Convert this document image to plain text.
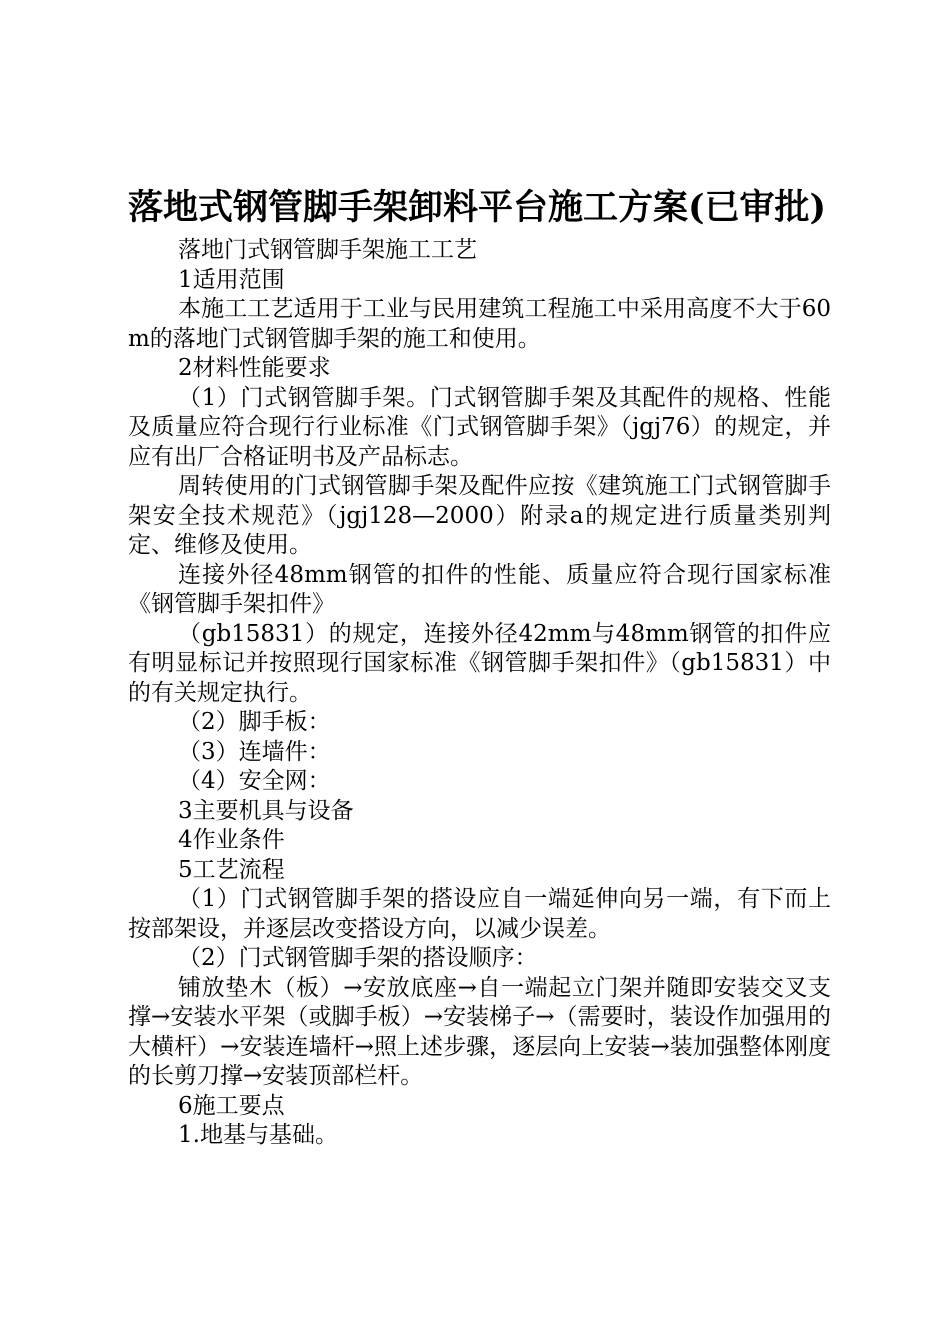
落地式钢管脚手架卸料平台施工方案(已审批)

落地门式钢管脚手架施工工艺

1适用范围

本施工工艺适用于工业与民用建筑工程施工中采用高度不大于60m的落地门式钢管脚手架的施工和使用。

2材料性能要求

（1）门式钢管脚手架。门式钢管脚手架及其配件的规格、性能及质量应符合现行行业标准《门式钢管脚手架》（jgj76）的规定，并应有出厂合格证明书及产品标志。

周转使用的门式钢管脚手架及配件应按《建筑施工门式钢管脚手架安全技术规范》（jgj128—2000）附录a的规定进行质量类别判定、维修及使用。

连接外径48mm钢管的扣件的性能、质量应符合现行国家标准《钢管脚手架扣件》

（gb15831）的规定，连接外径42mm与48mm钢管的扣件应有明显标记并按照现行国家标准《钢管脚手架扣件》（gb15831）中的有关规定执行。

（2）脚手板：

（3）连墙件：

（4）安全网：

3主要机具与设备

4作业条件

5工艺流程

（1）门式钢管脚手架的搭设应自一端延伸向另一端，有下而上按部架设，并逐层改变搭设方向，以减少误差。

（2）门式钢管脚手架的搭设顺序：

铺放垫木（板）→安放底座→自一端起立门架并随即安装交叉支撑→安装水平架（或脚手板）→安装梯子→（需要时，装设作加强用的大横杆）→安装连墙杆→照上述步骤，逐层向上安装→装加强整体刚度的长剪刀撑→安装顶部栏杆。

6施工要点

1.地基与基础。
